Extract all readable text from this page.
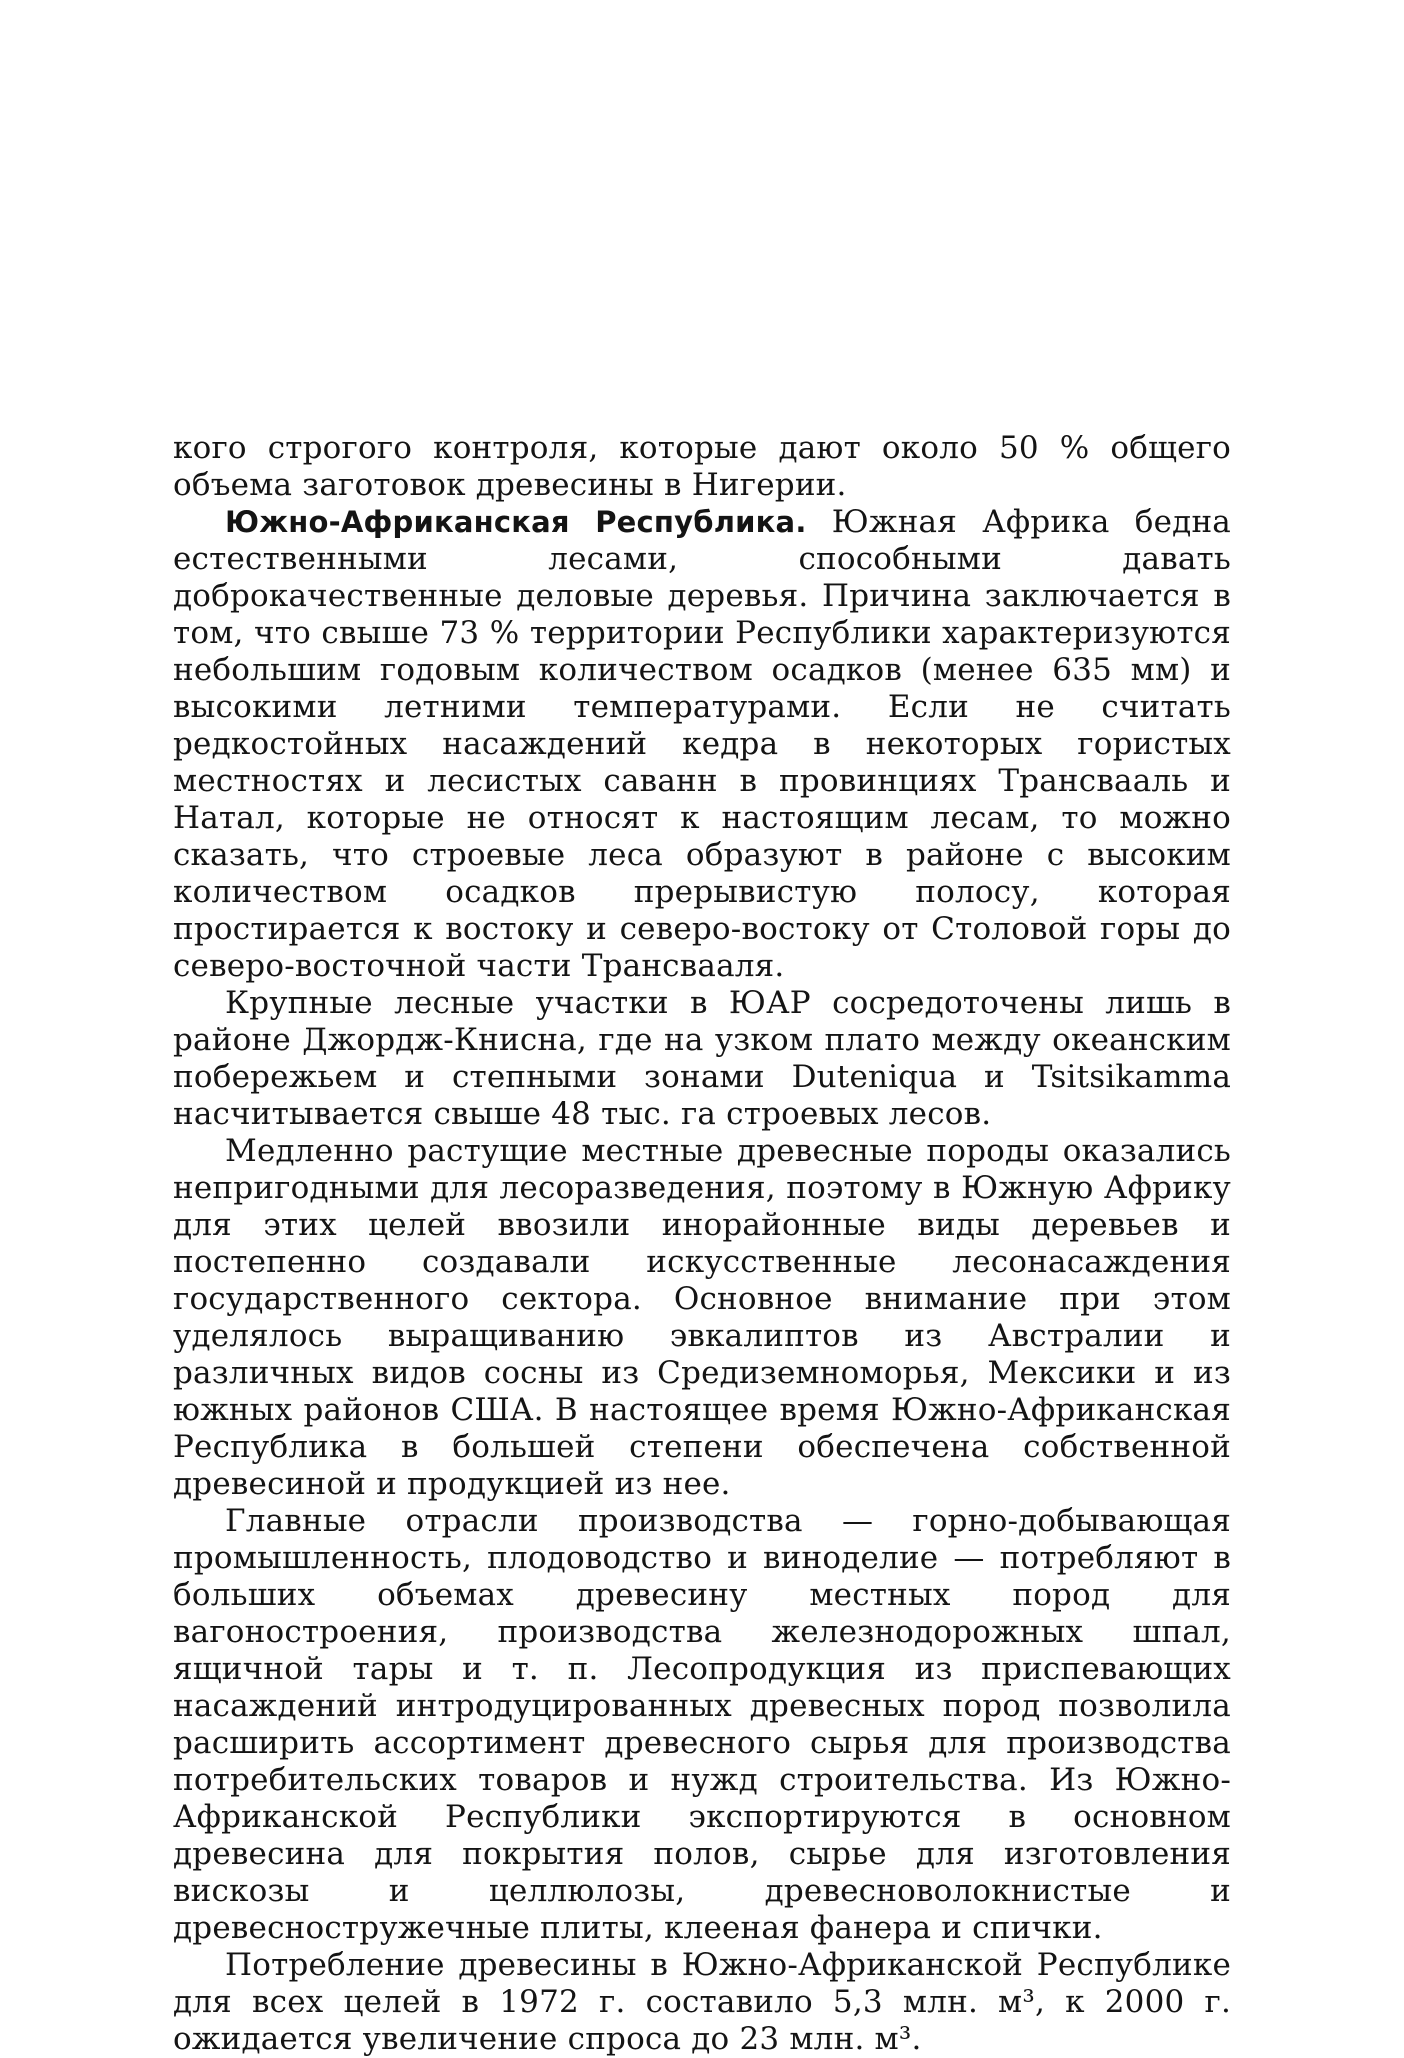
кого строгого контроля, которые дают около 50 % общего объема заготовок древесины в Нигерии.

Южно-Африканская Республика. Южная Африка бедна естественными лесами, способными давать доброкачественные деловые деревья. Причина заключается в том, что свыше 73 % территории Республики характеризуются небольшим годовым количеством осадков (менее 635 мм) и высокими летними температурами. Если не считать редкостойных насаждений кедра в некоторых гористых местностях и лесистых саванн в провинциях Трансвааль и Натал, которые не относят к настоящим лесам, то можно сказать, что строевые леса образуют в районе с высоким количеством осадков прерывистую полосу, которая простирается к востоку и северо-востоку от Столовой горы до северо-восточной части Трансвааля.

Крупные лесные участки в ЮАР сосредоточены лишь в районе Джордж-Книсна, где на узком плато между океанским побережьем и степными зонами Duteniqua и Tsitsikamma насчитывается свыше 48 тыс. га строевых лесов.

Медленно растущие местные древесные породы оказались непригодными для лесоразведения, поэтому в Южную Африку для этих целей ввозили инорайонные виды деревьев и постепенно создавали искусственные лесонасаждения государственного сектора. Основное внимание при этом уделялось выращиванию эвкалиптов из Австралии и различных видов сосны из Средиземноморья, Мексики и из южных районов США. В настоящее время Южно-Африканская Республика в большей степени обеспечена собственной древесиной и продукцией из нее.

Главные отрасли производства — горно-добывающая промышленность, плодоводство и виноделие — потребляют в больших объемах древесину местных пород для вагоностроения, производства железнодорожных шпал, ящичной тары и т. п. Лесопродукция из приспевающих насаждений интродуцированных древесных пород позволила расширить ассортимент древесного сырья для производства потребительских товаров и нужд строительства. Из Южно-Африканской Республики экспортируются в основном древесина для покрытия полов, сырье для изготовления вискозы и целлюлозы, древесноволокнистые и древесностружечные плиты, клееная фанера и спички.

Потребление древесины в Южно-Африканской Республике для всех целей в 1972 г. составило 5,3 млн. м³, к 2000 г. ожидается увеличение спроса до 23 млн. м³.
